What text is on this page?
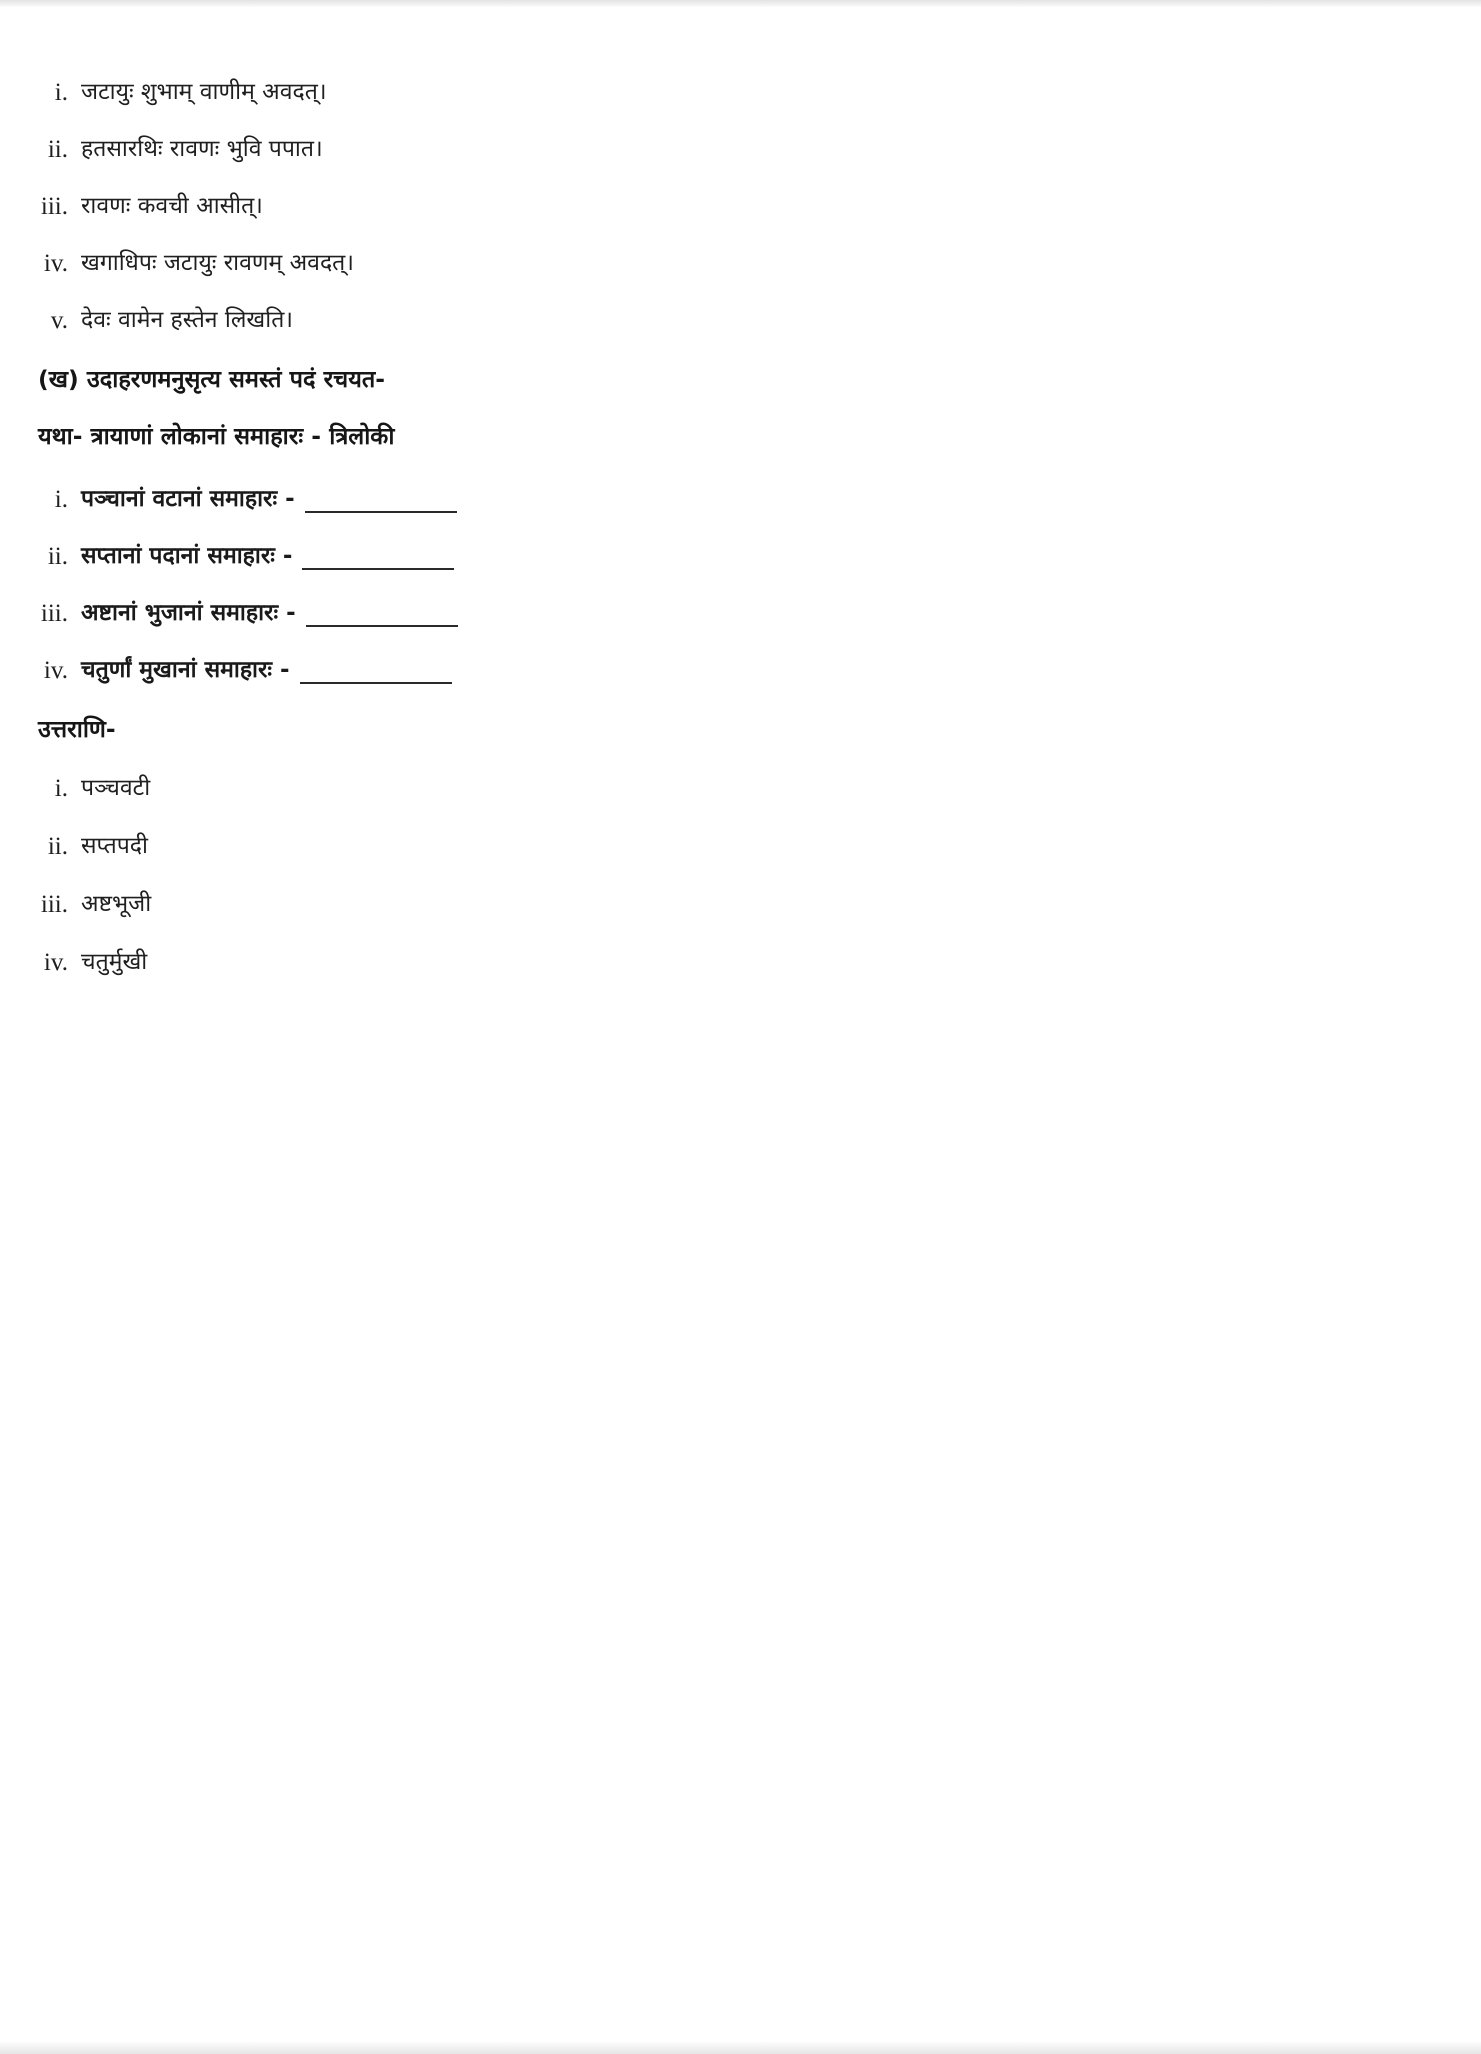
i. जटायुः शुभाम् वाणीम् अवदत्।
ii. हतसारथिः रावणः भुवि पपात।
iii. रावणः कवची आसीत्।
iv. खगाधिपः जटायुः रावणम् अवदत्।
v. देवः वामेन हस्तेन लिखति।
(ख) उदाहरणमनुसृत्य समस्तं पदं रचयत-
यथा- त्रायाणां लोकानां समाहारः - त्रिलोकी
i. पञ्चानां वटानां समाहारः -
ii. सप्तानां पदानां समाहारः -
iii. अष्टानां भुजानां समाहारः -
iv. चतुर्णां मुखानां समाहारः -
उत्तराणि-
i. पञ्चवटी
ii. सप्तपदी
iii. अष्टभूजी
iv. चतुर्मुखी
